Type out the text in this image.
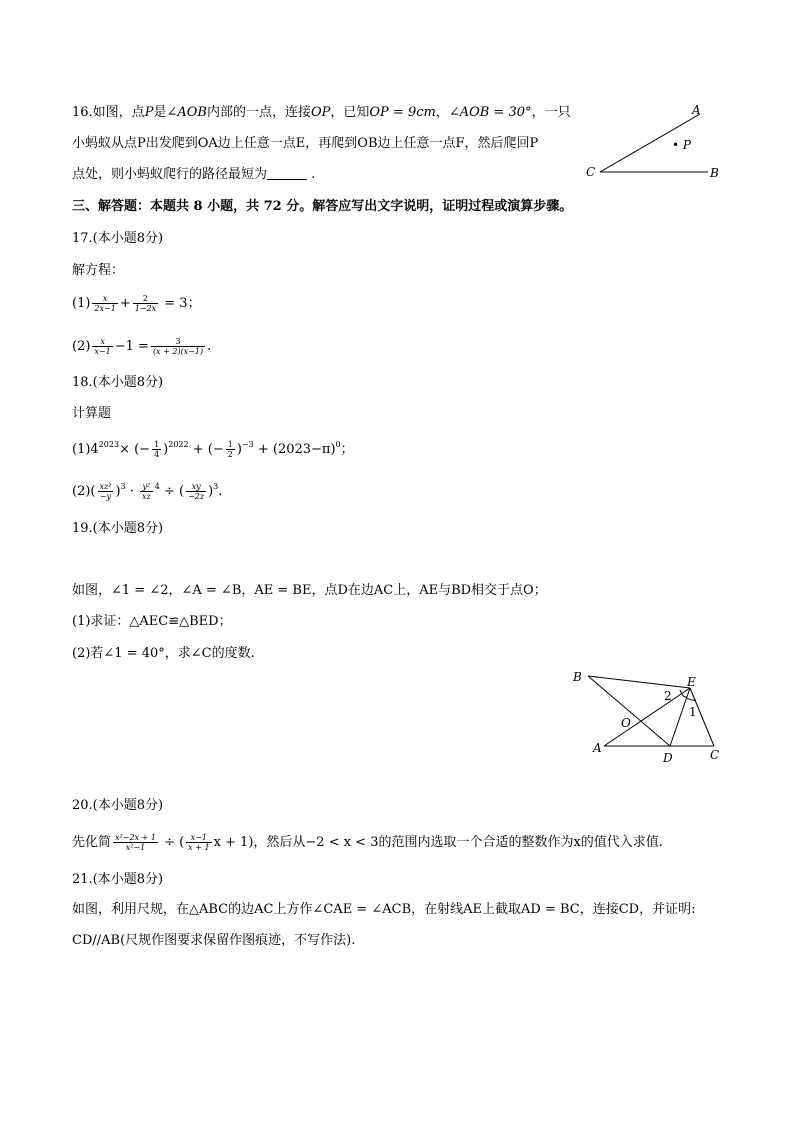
16.如图，点P是∠AOB内部的一点，连接OP，已知OP = 9cm，∠AOB = 30°，一只
小蚂蚁从点P出发爬到OA边上任意一点E，再爬到OB边上任意一点F，然后爬回P
点处，则小蚂蚁爬行的路径最短为	.
A
• P
C	B
三、解答题：本题共 8 小题，共 72 分。解答应写出文字说明，证明过程或演算步骤。
17.(本小题8分)
解方程：
$(1) \frac{x}{2x-1} + \frac{2}{1-2x} = 3$；
$(2) \frac{x}{x-1} -1 = \frac{3}{(x + 2)(x-1)}$ .
18.(本小题8分)
计算题
$(1)4^{2023}\times$ (− $\frac{1}{4} )^{2022}$ + (− $\frac{1}{2} )^{-3} + (2023-\pi)^0$；
$(2)( \frac{\text{xz²}}{-y} )^3 \cdot \frac{\text{y²}}{xz} ^4$ ÷ ( $\frac{xy}{-2z} )^3$.
19.(本小题8分)
如图，∠1 = ∠2，∠A = ∠B，AE = BE，点D在边AC上，AE与BD相交于点O；
(1)求证：△AEC≌△BED；
(2)若∠1 = 40°，求∠C的度数.
B	E
2
1
O
A
D	C
20.(本小题8分)
先化简 $\frac{\text{x²−2x + 1}}{\text{x²−1}}$ ÷ ( $\frac{x-1}{x + 1}$ x + 1)，然后从−2 < x < 3的范围内选取一个合适的整数作为x的值代入求值.
21.(本小题8分)
如图，利用尺规，在△ABC的边AC上方作∠CAE = ∠ACB，在射线AE上截取AD = BC，连接CD，并证明:
CD//AB(尺规作图要求保留作图痕迹，不写作法).
